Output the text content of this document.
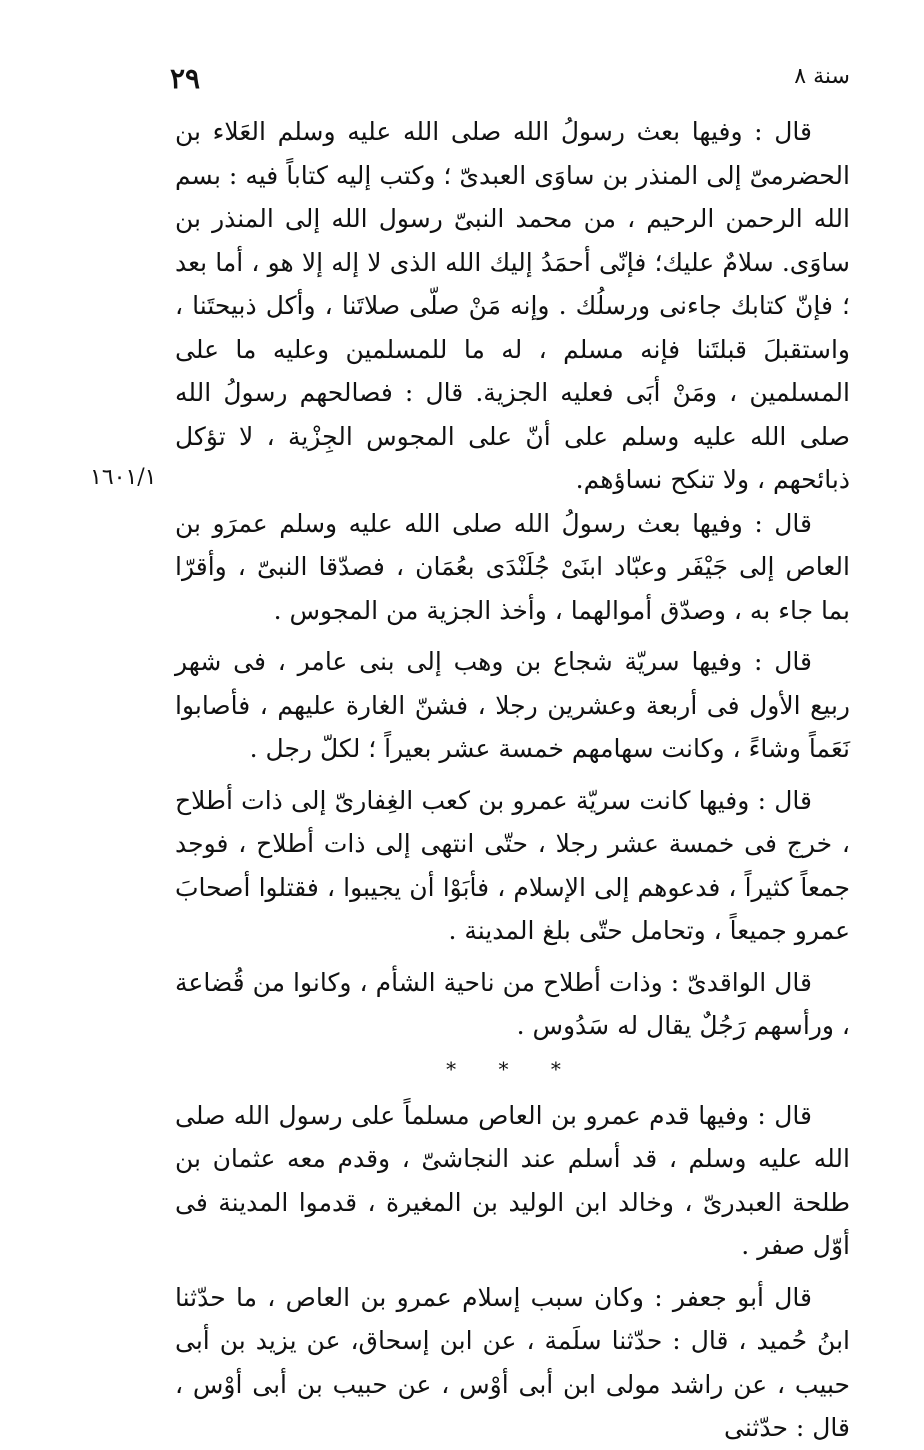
٢٩	سنة ٨
١٦٠١/١

قال : وفيها بعث رسولُ الله صلى الله عليه وسلم العَلاء بن الحضرمىّ إلى المنذر بن ساوَى العبدىّ ؛ وكتب إليه كتاباً فيه : بسم الله الرحمن الرحيم ، من محمد النبىّ رسول الله إلى المنذر بن ساوَى. سلامٌ عليك؛ فإنّى أحمَدُ إليك الله الذى لا إله إلا هو ، أما بعد ؛ فإنّ كتابك جاءنى ورسلُك . وإنه مَنْ صلّى صلاتَنا ، وأكل ذبيحتَنا ، واستقبلَ قبلتَنا فإنه مسلم ، له ما للمسلمين وعليه ما على المسلمين ، ومَنْ أبَى فعليه الجزية. قال : فصالحهم رسولُ الله صلى الله عليه وسلم على أنّ على المجوس الجِزْية ، لا تؤكل ذبائحهم ، ولا تنكح نساؤهم.

قال : وفيها بعث رسولُ الله صلى الله عليه وسلم عمرَو بن العاص إلى جَيْفَر وعبّاد ابنَىْ جُلَنْدَى بعُمَان ، فصدّقا النبىّ ، وأقرّا بما جاء به ، وصدّق أموالهما ، وأخذ الجزية من المجوس .

قال : وفيها سريّة شجاع بن وهب إلى بنى عامر ، فى شهر ربيع الأول فى أربعة وعشرين رجلا ، فشنّ الغارة عليهم ، فأصابوا نَعَماً وشاءً ، وكانت سهامهم خمسة عشر بعيراً ؛ لكلّ رجل .

قال : وفيها كانت سريّة عمرو بن كعب الغِفارىّ إلى ذات أطلاح ، خرج فى خمسة عشر رجلا ، حتّى انتهى إلى ذات أطلاح ، فوجد جمعاً كثيراً ، فدعوهم إلى الإسلام ، فأبَوْا أن يجيبوا ، فقتلوا أصحابَ عمرو جميعاً ، وتحامل حتّى بلغ المدينة .

قال الواقدىّ : وذات أطلاح من ناحية الشأم ، وكانوا من قُضاعة ، ورأسهم رَجُلٌ يقال له سَدُوس .

* * *

قال : وفيها قدم عمرو بن العاص مسلماً على رسول الله صلى الله عليه وسلم ، قد أسلم عند النجاشىّ ، وقدم معه عثمان بن طلحة العبدرىّ ، وخالد ابن الوليد بن المغيرة ، قدموا المدينة فى أوّل صفر .

قال أبو جعفر : وكان سبب إسلام عمرو بن العاص ، ما حدّثنا ابنُ حُميد ، قال : حدّثنا سلَمة ، عن ابن إسحاق، عن يزيد بن أبى حبيب ، عن راشد مولى ابن أبى أوْس ، عن حبيب بن أبى أوْس ، قال : حدّثنى
